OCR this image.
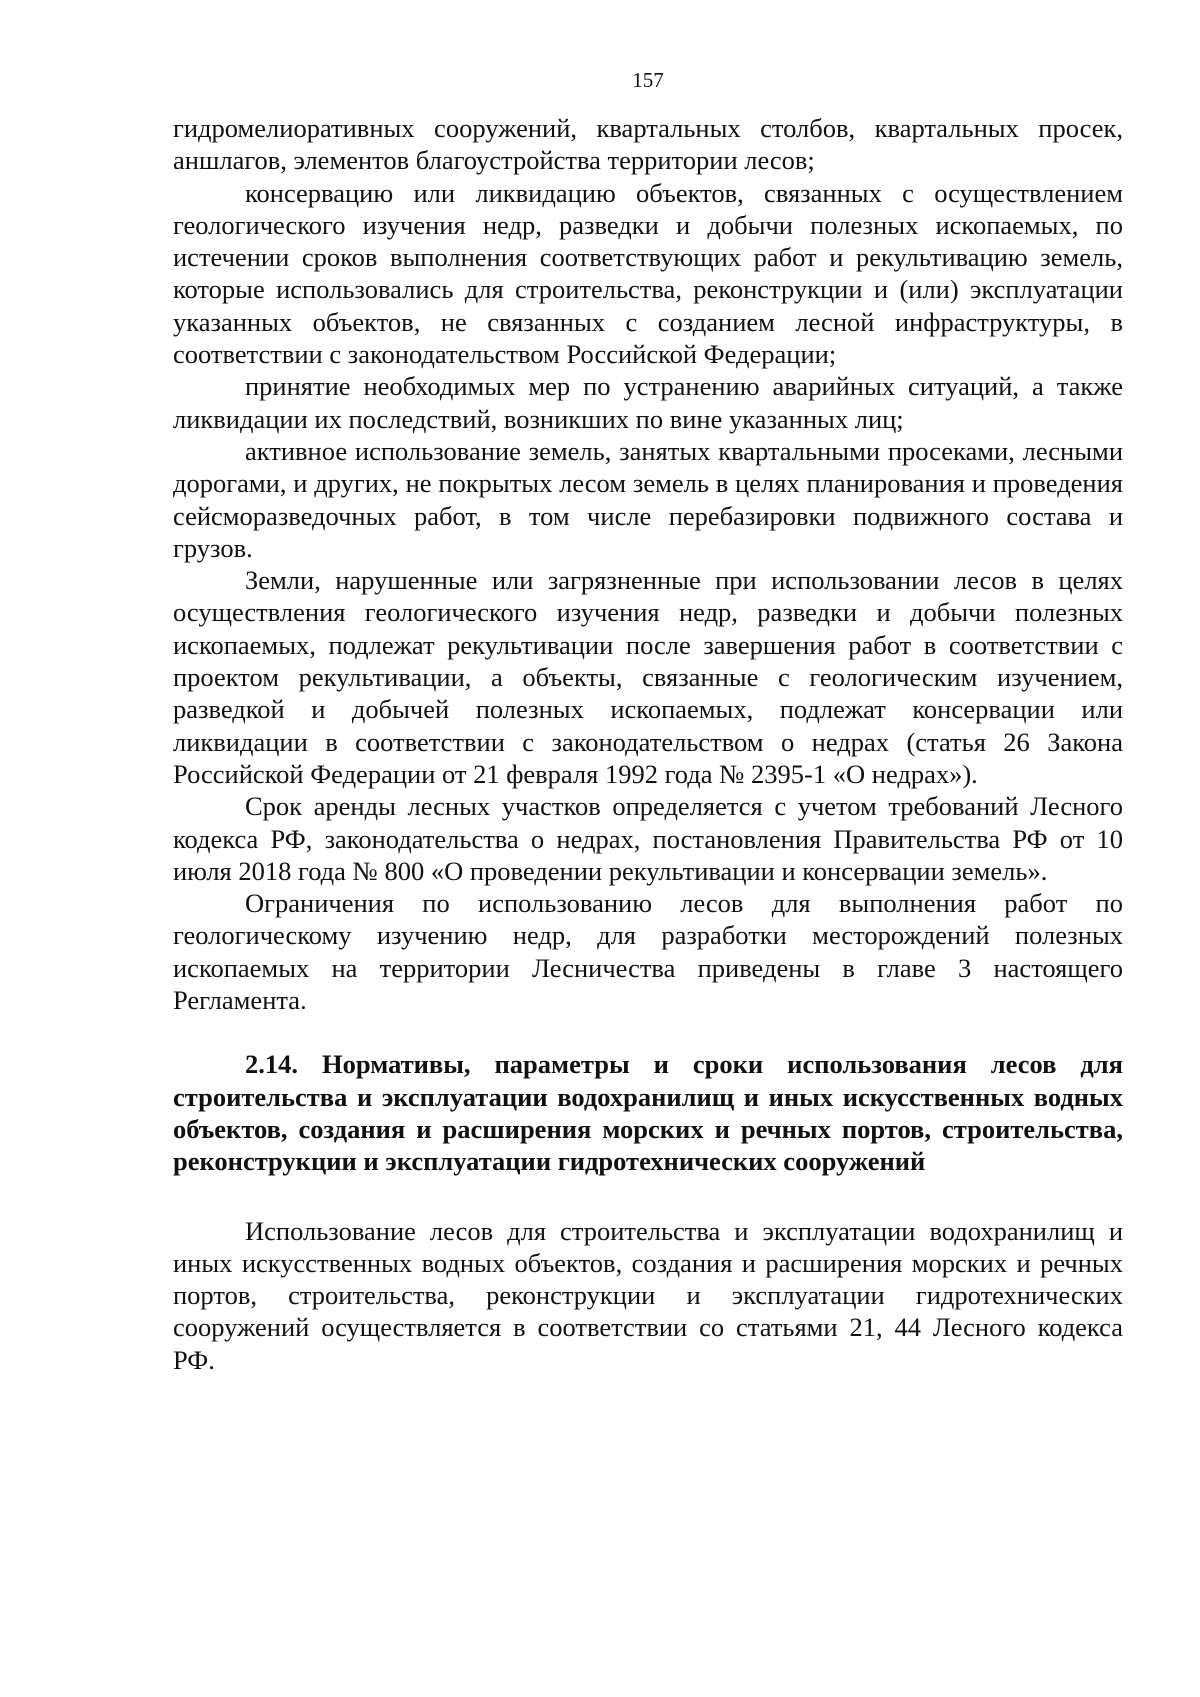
157

гидромелиоративных сооружений, квартальных столбов, квартальных просек, аншлагов, элементов благоустройства территории лесов;

консервацию или ликвидацию объектов, связанных с осуществлением геологического изучения недр, разведки и добычи полезных ископаемых, по истечении сроков выполнения соответствующих работ и рекультивацию земель, которые использовались для строительства, реконструкции и (или) эксплуатации указанных объектов, не связанных с созданием лесной инфраструктуры, в соответствии с законодательством Российской Федерации;

принятие необходимых мер по устранению аварийных ситуаций, а также ликвидации их последствий, возникших по вине указанных лиц;

активное использование земель, занятых квартальными просеками, лесными дорогами, и других, не покрытых лесом земель в целях планирования и проведения сейсморазведочных работ, в том числе перебазировки подвижного состава и грузов.

Земли, нарушенные или загрязненные при использовании лесов в целях осуществления геологического изучения недр, разведки и добычи полезных ископаемых, подлежат рекультивации после завершения работ в соответствии с проектом рекультивации, а объекты, связанные с геологическим изучением, разведкой и добычей полезных ископаемых, подлежат консервации или ликвидации в соответствии с законодательством о недрах (статья 26 Закона Российской Федерации от 21 февраля 1992 года № 2395-1 «О недрах»).

Срок аренды лесных участков определяется с учетом требований Лесного кодекса РФ, законодательства о недрах, постановления Правительства РФ от 10 июля 2018 года № 800 «О проведении рекультивации и консервации земель».

Ограничения по использованию лесов для выполнения работ по геологическому изучению недр, для разработки месторождений полезных ископаемых на территории Лесничества приведены в главе 3 настоящего Регламента.

2.14. Нормативы, параметры и сроки использования лесов для строительства и эксплуатации водохранилищ и иных искусственных водных объектов, создания и расширения морских и речных портов, строительства, реконструкции и эксплуатации гидротехнических сооружений

Использование лесов для строительства и эксплуатации водохранилищ и иных искусственных водных объектов, создания и расширения морских и речных портов, строительства, реконструкции и эксплуатации гидротехнических сооружений осуществляется в соответствии со статьями 21, 44 Лесного кодекса РФ.
